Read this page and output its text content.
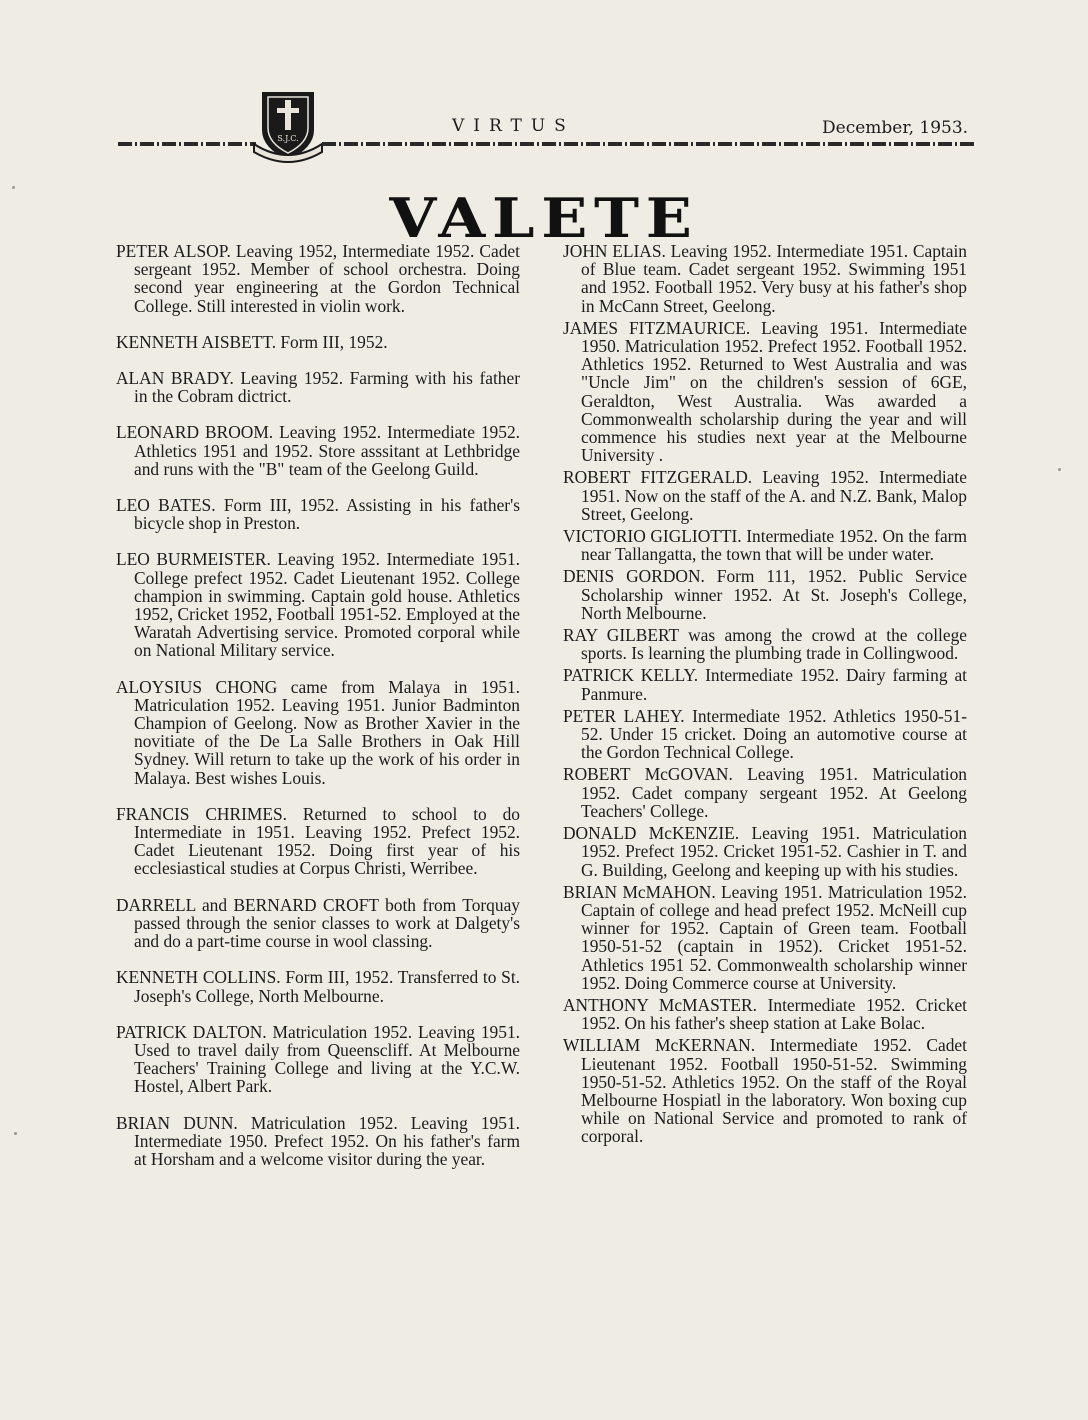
S.J.C.
VIRTUS	December, 1953.
VALETE

PETER ALSOP. Leaving 1952, Intermediate 1952. Cadet sergeant 1952. Member of school orchestra. Doing second year engineering at the Gordon Technical College. Still interested in violin work.

KENNETH AISBETT. Form III, 1952.

ALAN BRADY. Leaving 1952. Farming with his father in the Cobram dictrict.

LEONARD BROOM. Leaving 1952. Intermediate 1952. Athletics 1951 and 1952. Store asssitant at Lethbridge and runs with the "B" team of the Geelong Guild.

LEO BATES. Form III, 1952. Assisting in his father's bicycle shop in Preston.

LEO BURMEISTER. Leaving 1952. Intermediate 1951. College prefect 1952. Cadet Lieutenant 1952. College champion in swimming. Captain gold house. Athletics 1952, Cricket 1952, Football 1951-52. Employed at the Waratah Advertising service. Promoted corporal while on National Military service.

ALOYSIUS CHONG came from Malaya in 1951. Matriculation 1952. Leaving 1951. Junior Badminton Champion of Geelong. Now as Brother Xavier in the novitiate of the De La Salle Brothers in Oak Hill Sydney. Will return to take up the work of his order in Malaya. Best wishes Louis.

FRANCIS CHRIMES. Returned to school to do Intermediate in 1951. Leaving 1952. Prefect 1952. Cadet Lieutenant 1952. Doing first year of his ecclesiastical studies at Corpus Christi, Werribee.

DARRELL and BERNARD CROFT both from Torquay passed through the senior classes to work at Dalgety's and do a part-time course in wool classing.

KENNETH COLLINS. Form III, 1952. Transferred to St. Joseph's College, North Melbourne.

PATRICK DALTON. Matriculation 1952. Leaving 1951. Used to travel daily from Queenscliff. At Melbourne Teachers' Training College and living at the Y.C.W. Hostel, Albert Park.

BRIAN DUNN. Matriculation 1952. Leaving 1951. Intermediate 1950. Prefect 1952. On his father's farm at Horsham and a welcome visitor during the year.

JOHN ELIAS. Leaving 1952. Intermediate 1951. Captain of Blue team. Cadet sergeant 1952. Swimming 1951 and 1952. Football 1952. Very busy at his father's shop in McCann Street, Geelong.

JAMES FITZMAURICE. Leaving 1951. Intermediate 1950. Matriculation 1952. Prefect 1952. Football 1952. Athletics 1952. Returned to West Australia and was "Uncle Jim" on the children's session of 6GE, Geraldton, West Australia. Was awarded a Commonwealth scholarship during the year and will commence his studies next year at the Melbourne University .

ROBERT FITZGERALD. Leaving 1952. Intermediate 1951. Now on the staff of the A. and N.Z. Bank, Malop Street, Geelong.

VICTORIO GIGLIOTTI. Intermediate 1952. On the farm near Tallangatta, the town that will be under water.

DENIS GORDON. Form 111, 1952. Public Service Scholarship winner 1952. At St. Joseph's College, North Melbourne.

RAY GILBERT was among the crowd at the college sports. Is learning the plumbing trade in Collingwood.

PATRICK KELLY. Intermediate 1952. Dairy farming at Panmure.

PETER LAHEY. Intermediate 1952. Athletics 1950-51-52. Under 15 cricket. Doing an automotive course at the Gordon Technical College.

ROBERT McGOVAN. Leaving 1951. Matriculation 1952. Cadet company sergeant 1952. At Geelong Teachers' College.

DONALD McKENZIE. Leaving 1951. Matriculation 1952. Prefect 1952. Cricket 1951-52. Cashier in T. and G. Building, Geelong and keeping up with his studies.

BRIAN McMAHON. Leaving 1951. Matriculation 1952. Captain of college and head prefect 1952. McNeill cup winner for 1952. Captain of Green team. Football 1950-51-52 (captain in 1952). Cricket 1951-52. Athletics 1951 52. Commonwealth scholarship winner 1952. Doing Commerce course at University.

ANTHONY McMASTER. Intermediate 1952. Cricket 1952. On his father's sheep station at Lake Bolac.

WILLIAM McKERNAN. Intermediate 1952. Cadet Lieutenant 1952. Football 1950-51-52. Swimming 1950-51-52. Athletics 1952. On the staff of the Royal Melbourne Hospiatl in the laboratory. Won boxing cup while on National Service and promoted to rank of corporal.
